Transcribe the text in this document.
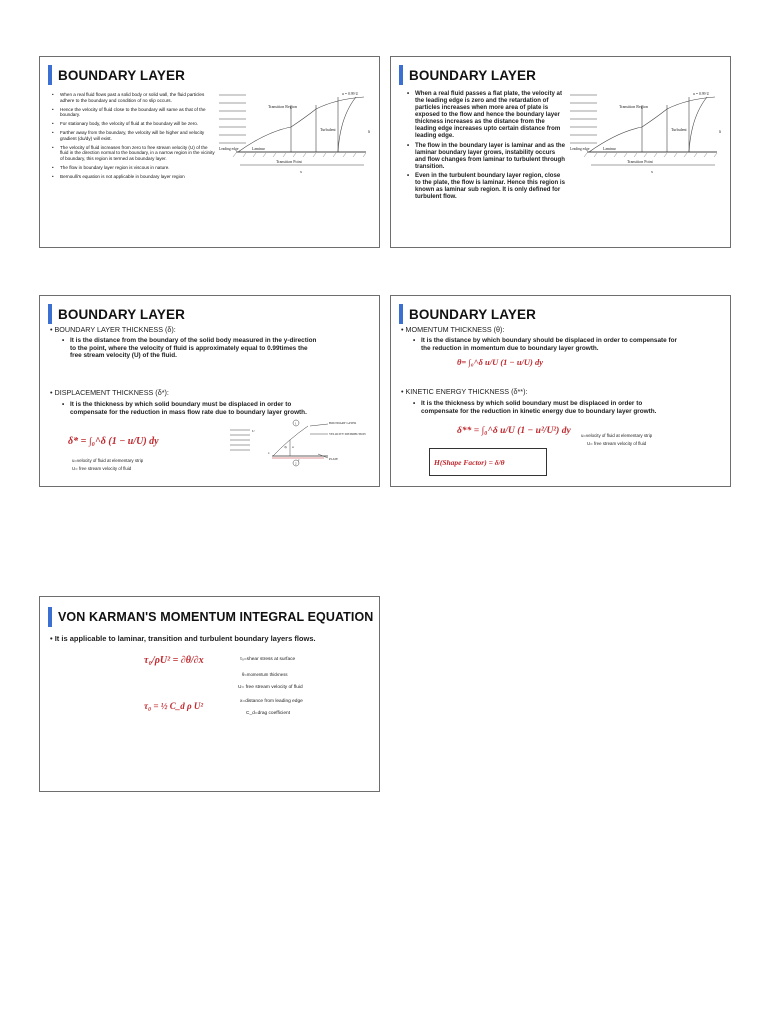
BOUNDARY LAYER
• When a real fluid flows past a solid body or solid wall, the fluid particles adhere to the boundary and condition of no slip occurs.
• Hence the velocity of fluid close to the boundary will same as that of the boundary.
• For stationary body, the velocity of fluid at the boundary will be zero.
• Farther away from the boundary, the velocity will be higher and velocity gradient (du/dy) will exist.
• The velocity of fluid increases from zero to free stream velocity (U) of the fluid in the direction normal to the boundary, in a narrow region in the vicinity of boundary, this region is termed as boundary layer.
• The flow in boundary layer region is viscous in nature.
• Bernoulli's equation is not applicable in boundary layer region
Transition Region
u = 0.99 U
Turbulent	δ
Leading edge	Laminar
Transition Point
x
BOUNDARY LAYER
• When a real fluid passes a flat plate, the velocity at the leading edge is zero and the retardation of particles increases when more area of plate is exposed to the flow and hence the boundary layer thickness increases as the distance from the leading edge increases upto certain distance from leading edge.
• The flow in the boundary layer is laminar and as the laminar boundary layer grows, instability occurs and flow changes from laminar to turbulent through transition.
• Even in the turbulent boundary layer region, close to the plate, the flow is laminar. Hence this region is known as laminar sub region. It is only defined for turbulent flow.
Transition Region
u = 0.99 U
Turbulent	δ
Leading edge	Laminar
Transition Point
x
BOUNDARY LAYER
• BOUNDARY LAYER THICKNESS (δ):
• It is the distance from the boundary of the solid body measured in the y-direction to the point, where the velocity of fluid is approximately equal to 0.99times the free stream velocity (U) of the fluid.
• DISPLACEMENT THICKNESS (δ*):
• It is the thickness by which solid boundary must be displaced in order to compensate for the reduction in mass flow rate due to boundary layer growth.
δ* = ∫₀^δ (1 − u/U) dy
u=velocity of fluid at elementary strip
U= free stream velocity of fluid
U
1
2
u
dy
y
x
BOUNDARY LAYER
VELOCITY DISTRIBUTION
PLATE
BOUNDARY LAYER
• MOMENTUM THICKNESS (θ):
• It is the distance by which boundary should be displaced in order to compensate for the reduction in momentum due to boundary layer growth.
θ= ∫₀^δ u/U (1 − u/U) dy
• KINETIC ENERGY THICKNESS (δ**):
• It is the thickness by which solid boundary must be displaced in order to compensate for the reduction in kinetic energy due to boundary layer growth.
δ** = ∫₀^δ u/U (1 − u²/U²) dy u=velocity of fluid at elementary strip
U= free stream velocity of fluid
H(Shape Factor) = δ/θ
VON KARMAN'S MOMENTUM INTEGRAL EQUATION
• It is applicable to laminar, transition and turbulent boundary layers flows.
τ₀/ρU² = ∂θ/∂x
τ₀ = ½ C_d ρ U²
τ₀=shear stress at surface
θ=momentum thickness
U= free stream velocity of fluid
x=distance from leading edge
C_d=drag coefficient
